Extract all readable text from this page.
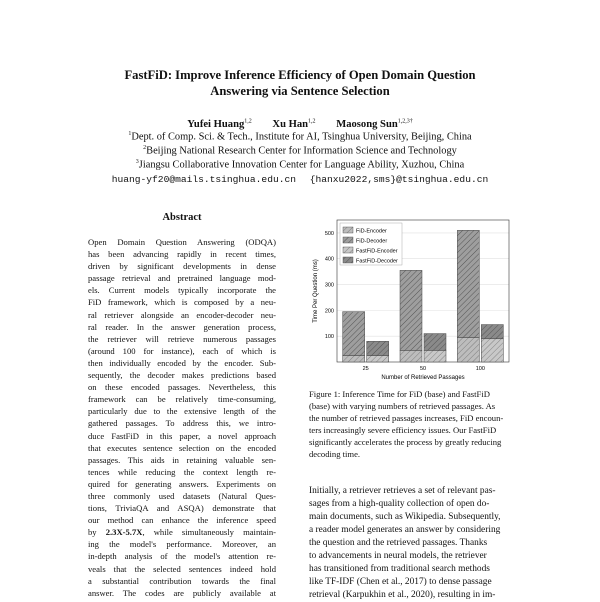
FastFiD: Improve Inference Efficiency of Open Domain Question
Answering via Sentence Selection
Yufei Huang$^{1,2}$ Xu Han$^{1,2}$ Maosong Sun$^{1,2,3\dagger}$
$^1$Dept. of Comp. Sci. & Tech., Institute for AI, Tsinghua University, Beijing, China
$^2$Beijing National Research Center for Information Science and Technology
$^3$Jiangsu Collaborative Innovation Center for Language Ability, Xuzhou, China
huang-yf20@mails.tsinghua.edu.cn {hanxu2022,sms}@tsinghua.edu.cn
Abstract
Open Domain Question Answering (ODQA)
has been advancing rapidly in recent times,
driven by significant developments in dense
passage retrieval and pretrained language mod-
els. Current models typically incorporate the
FiD framework, which is composed by a neu-
ral retriever alongside an encoder-decoder neu-
ral reader. In the answer generation process,
the retriever will retrieve numerous passages
(around 100 for instance), each of which is
then individually encoded by the encoder. Sub-
sequently, the decoder makes predictions based
on these encoded passages. Nevertheless, this
framework can be relatively time-consuming,
particularly due to the extensive length of the
gathered passages. To address this, we intro-
duce FastFiD in this paper, a novel approach
that executes sentence selection on the encoded
passages. This aids in retaining valuable sen-
tences while reducing the context length re-
quired for generating answers. Experiments on
three commonly used datasets (Natural Ques-
tions, TriviaQA and ASQA) demonstrate that
our method can enhance the inference speed
by 2.3X-5.7X, while simultaneously maintain-
ing the model's performance. Moreover, an
in-depth analysis of the model's attention re-
veals that the selected sentences indeed hold
a substantial contribution towards the final
answer. The codes are publicly available at
100
200
300
400
500
25	50	100
Number of Retrieved Passages
Time Per Question (ms)
FiD-Encoder
FiD-Decoder
FastFiD-Encoder
FastFiD-Decoder
Figure 1: Inference Time for FiD (base) and FastFiD
(base) with varying numbers of retrieved passages. As
the number of retrieved passages increases, FiD encoun-
ters increasingly severe efficiency issues. Our FastFiD
significantly accelerates the process by greatly reducing
decoding time.
Initially, a retriever retrieves a set of relevant pas-
sages from a high-quality collection of open do-
main documents, such as Wikipedia. Subsequently,
a reader model generates an answer by considering
the question and the retrieved passages. Thanks
to advancements in neural models, the retriever
has transitioned from traditional search methods
like TF-IDF (Chen et al., 2017) to dense passage
retrieval (Karpukhin et al., 2020), resulting in im-
